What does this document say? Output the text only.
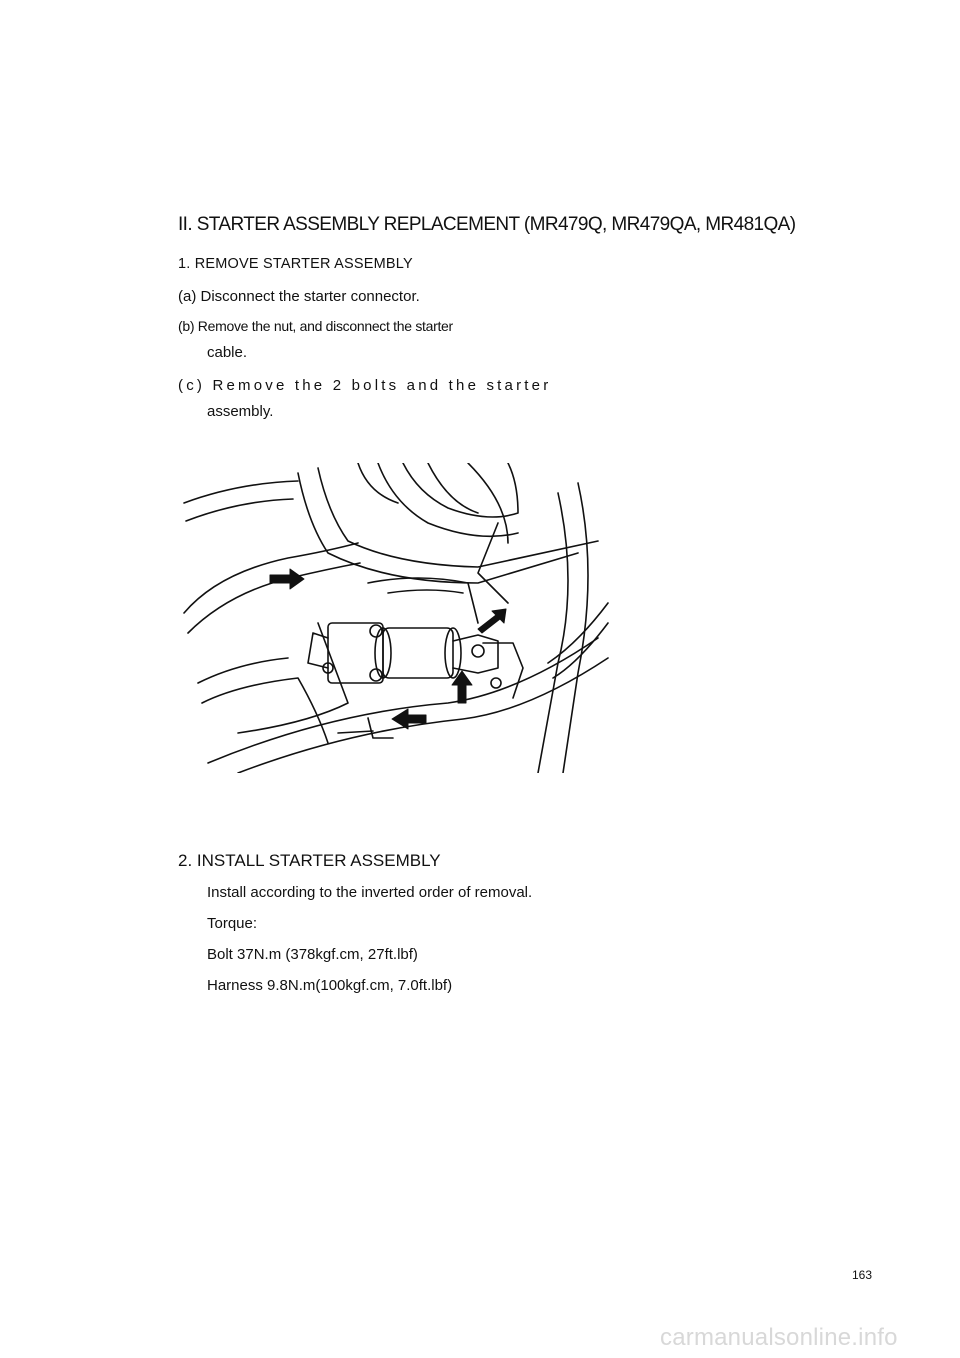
II. STARTER ASSEMBLY REPLACEMENT (MR479Q, MR479QA, MR481QA)

1. REMOVE STARTER ASSEMBLY

(a) Disconnect the starter connector.

(b) Remove the nut, and disconnect the starter

cable.

(c) Remove the 2 bolts and the starter

assembly.

2. INSTALL STARTER ASSEMBLY

Install according to the inverted order of removal.

Torque:

Bolt 37N.m (378kgf.cm, 27ft.lbf)

Harness 9.8N.m(100kgf.cm, 7.0ft.lbf)

163

carmanualsonline.info
